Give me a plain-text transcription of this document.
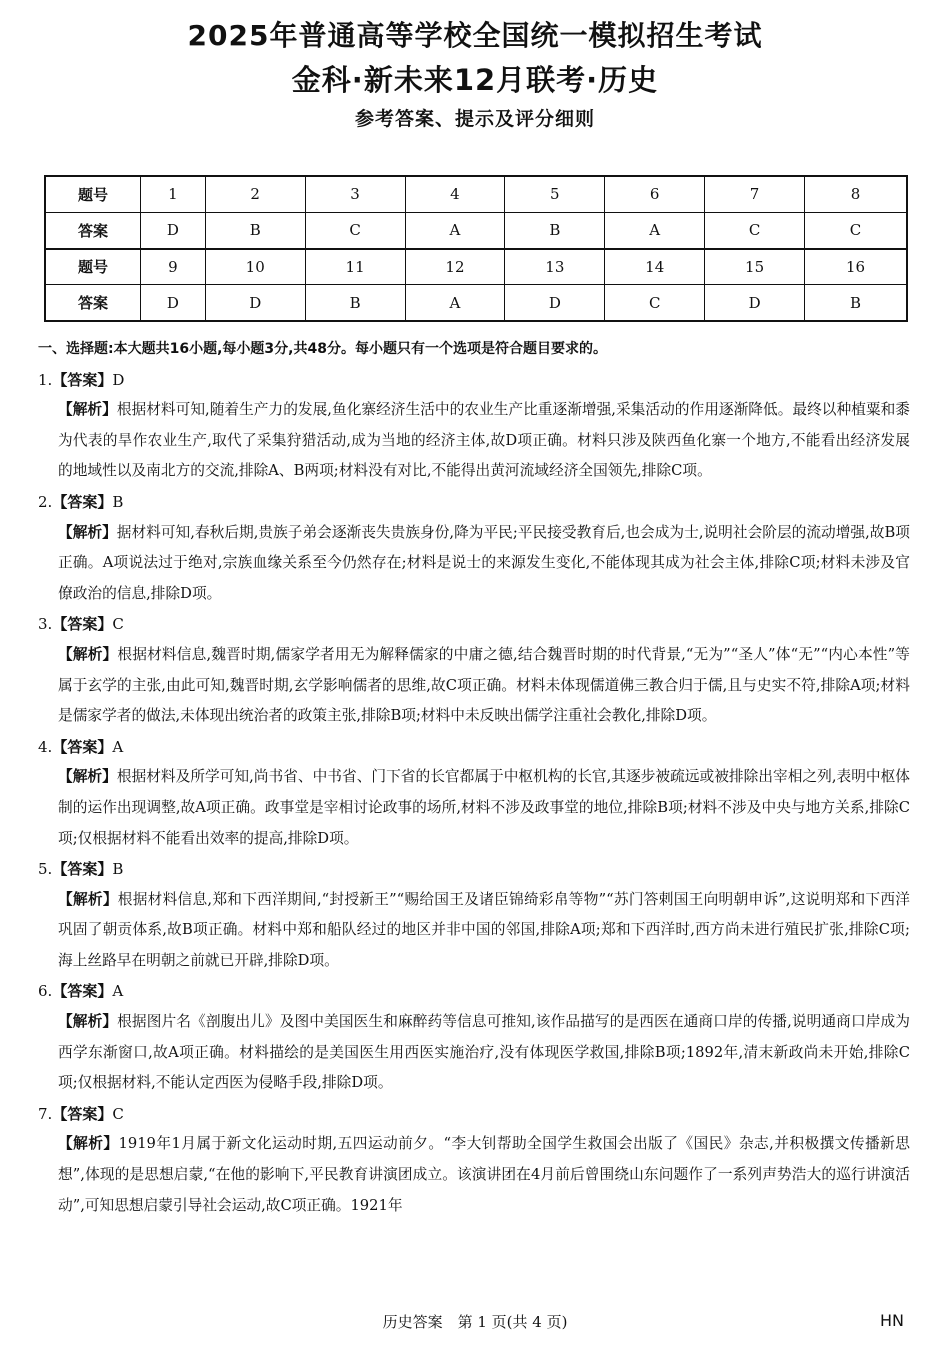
2025年普通高等学校全国统一模拟招生考试
金科·新未来12月联考·历史
参考答案、提示及评分细则
题号	1	2	3	4	5	6	7	8
答案	D	B	C	A	B	A	C	C
题号	9	10	11	12	13	14	15	16
答案	D	D	B	A	D	C	D	B
一、选择题:本大题共16小题,每小题3分,共48分。每小题只有一个选项是符合题目要求的。
1.【答案】D
【解析】根据材料可知,随着生产力的发展,鱼化寨经济生活中的农业生产比重逐渐增强,采集活动的作用逐渐降低。最终以种植粟和黍为代表的旱作农业生产,取代了采集狩猎活动,成为当地的经济主体,故D项正确。材料只涉及陕西鱼化寨一个地方,不能看出经济发展的地域性以及南北方的交流,排除A、B两项;材料没有对比,不能得出黄河流域经济全国领先,排除C项。
2.【答案】B
【解析】据材料可知,春秋后期,贵族子弟会逐渐丧失贵族身份,降为平民;平民接受教育后,也会成为士,说明社会阶层的流动增强,故B项正确。A项说法过于绝对,宗族血缘关系至今仍然存在;材料是说士的来源发生变化,不能体现其成为社会主体,排除C项;材料未涉及官僚政治的信息,排除D项。
3.【答案】C
【解析】根据材料信息,魏晋时期,儒家学者用无为解释儒家的中庸之德,结合魏晋时期的时代背景,“无为”“圣人”体“无”“内心本性”等属于玄学的主张,由此可知,魏晋时期,玄学影响儒者的思维,故C项正确。材料未体现儒道佛三教合归于儒,且与史实不符,排除A项;材料是儒家学者的做法,未体现出统治者的政策主张,排除B项;材料中未反映出儒学注重社会教化,排除D项。
4.【答案】A
【解析】根据材料及所学可知,尚书省、中书省、门下省的长官都属于中枢机构的长官,其逐步被疏远或被排除出宰相之列,表明中枢体制的运作出现调整,故A项正确。政事堂是宰相讨论政事的场所,材料不涉及政事堂的地位,排除B项;材料不涉及中央与地方关系,排除C项;仅根据材料不能看出效率的提高,排除D项。
5.【答案】B
【解析】根据材料信息,郑和下西洋期间,“封授新王”“赐给国王及诸臣锦绮彩帛等物”“苏门答剌国王向明朝申诉”,这说明郑和下西洋巩固了朝贡体系,故B项正确。材料中郑和船队经过的地区并非中国的邻国,排除A项;郑和下西洋时,西方尚未进行殖民扩张,排除C项;海上丝路早在明朝之前就已开辟,排除D项。
6.【答案】A
【解析】根据图片名《剖腹出儿》及图中美国医生和麻醉药等信息可推知,该作品描写的是西医在通商口岸的传播,说明通商口岸成为西学东渐窗口,故A项正确。材料描绘的是美国医生用西医实施治疗,没有体现医学救国,排除B项;1892年,清末新政尚未开始,排除C项;仅根据材料,不能认定西医为侵略手段,排除D项。
7.【答案】C
【解析】1919年1月属于新文化运动时期,五四运动前夕。“李大钊帮助全国学生救国会出版了《国民》杂志,并积极撰文传播新思想”,体现的是思想启蒙,“在他的影响下,平民教育讲演团成立。该演讲团在4月前后曾围绕山东问题作了一系列声势浩大的巡行讲演活动”,可知思想启蒙引导社会运动,故C项正确。1921年
历史答案　第 1 页(共 4 页)	HN
